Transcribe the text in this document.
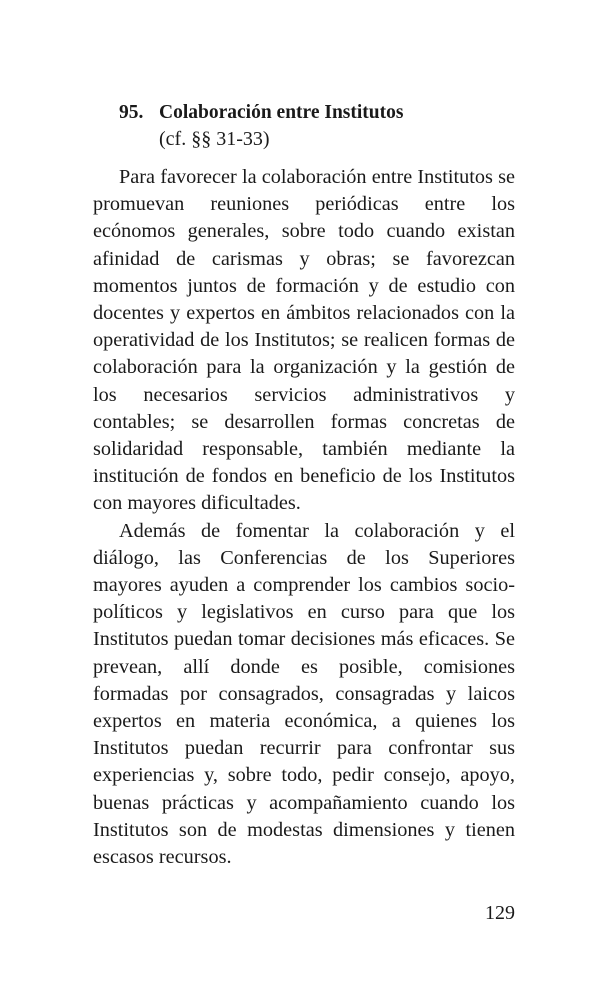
95. Colaboración entre Institutos
(cf. §§ 31-33)

Para favorecer la colaboración entre Institutos se promuevan reuniones periódicas entre los ecónomos generales, sobre todo cuando existan afinidad de carismas y obras; se favorezcan momentos juntos de formación y de estudio con docentes y expertos en ámbitos relacionados con la operatividad de los Institutos; se realicen formas de colaboración para la organización y la gestión de los necesarios servicios administrativos y contables; se desarrollen formas concretas de solidaridad responsable, también mediante la institución de fondos en beneficio de los Institutos con mayores dificultades.

Además de fomentar la colaboración y el diálogo, las Conferencias de los Superiores mayores ayuden a comprender los cambios socio-políticos y legislativos en curso para que los Institutos puedan tomar decisiones más eficaces. Se prevean, allí donde es posible, comisiones formadas por consagrados, consagradas y laicos expertos en materia económica, a quienes los Institutos puedan recurrir para confrontar sus experiencias y, sobre todo, pedir consejo, apoyo, buenas prácticas y acompañamiento cuando los Institutos son de modestas dimensiones y tienen escasos recursos.

129
